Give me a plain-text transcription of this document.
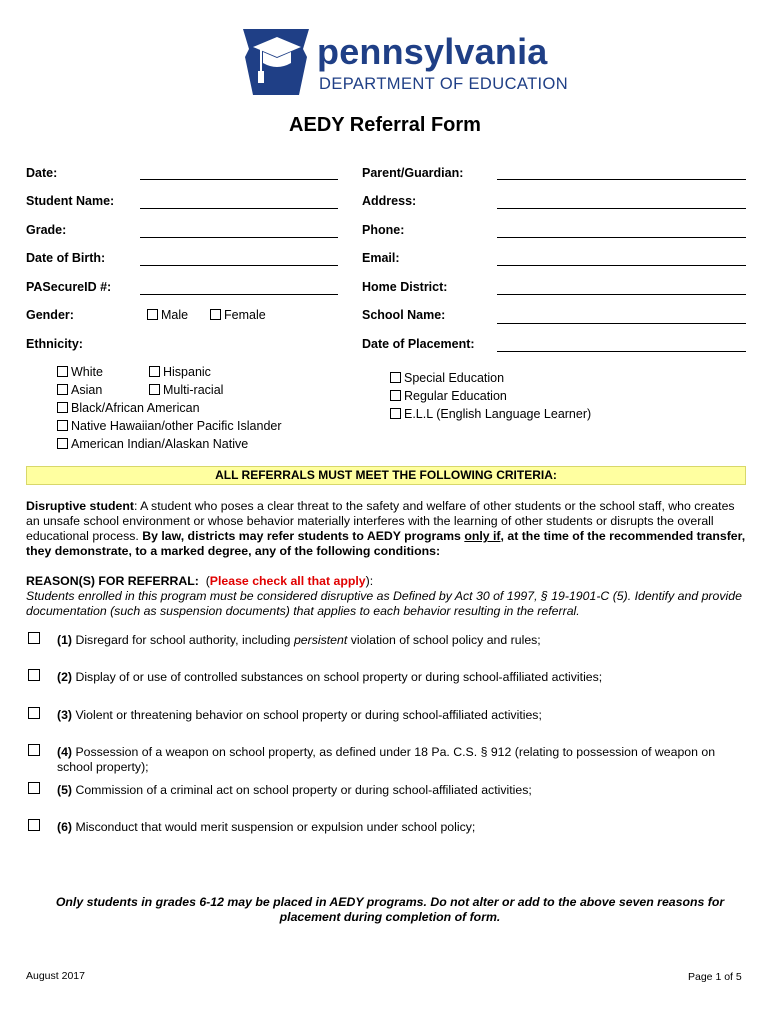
pennsylvania
DEPARTMENT OF EDUCATION
AEDY Referral Form
Date:
Student Name:
Grade:
Date of Birth:
PASecureID #:
Gender:	Male	Female
Ethnicity:
Parent/Guardian:
Address:
Phone:
Email:
Home District:
School Name:
Date of Placement:
White	Hispanic
Asian	Multi-racial
Black/African American
Native Hawaiian/other Pacific Islander
American Indian/Alaskan Native
Special Education
Regular Education
E.L.L (English Language Learner)
ALL REFERRALS MUST MEET THE FOLLOWING CRITERIA:
Disruptive student: A student who poses a clear threat to the safety and welfare of other students or the school staff, who creates an unsafe school environment or whose behavior materially interferes with the learning of other students or disrupts the overall educational process. By law, districts may refer students to AEDY programs only if, at the time of the recommended transfer, they demonstrate, to a marked degree, any of the following conditions:
REASON(S) FOR REFERRAL: (Please check all that apply):
Students enrolled in this program must be considered disruptive as Defined by Act 30 of 1997, § 19-1901-C (5). Identify and provide documentation (such as suspension documents) that applies to each behavior resulting in the referral.
(1) Disregard for school authority, including persistent violation of school policy and rules;
(2) Display of or use of controlled substances on school property or during school-affiliated activities;
(3) Violent or threatening behavior on school property or during school-affiliated activities;
(4) Possession of a weapon on school property, as defined under 18 Pa. C.S. § 912 (relating to possession of weapon on school property);
(5) Commission of a criminal act on school property or during school-affiliated activities;
(6) Misconduct that would merit suspension or expulsion under school policy;
Only students in grades 6-12 may be placed in AEDY programs. Do not alter or add to the above seven reasons for placement during completion of form.
August 2017	Page 1 of 5
